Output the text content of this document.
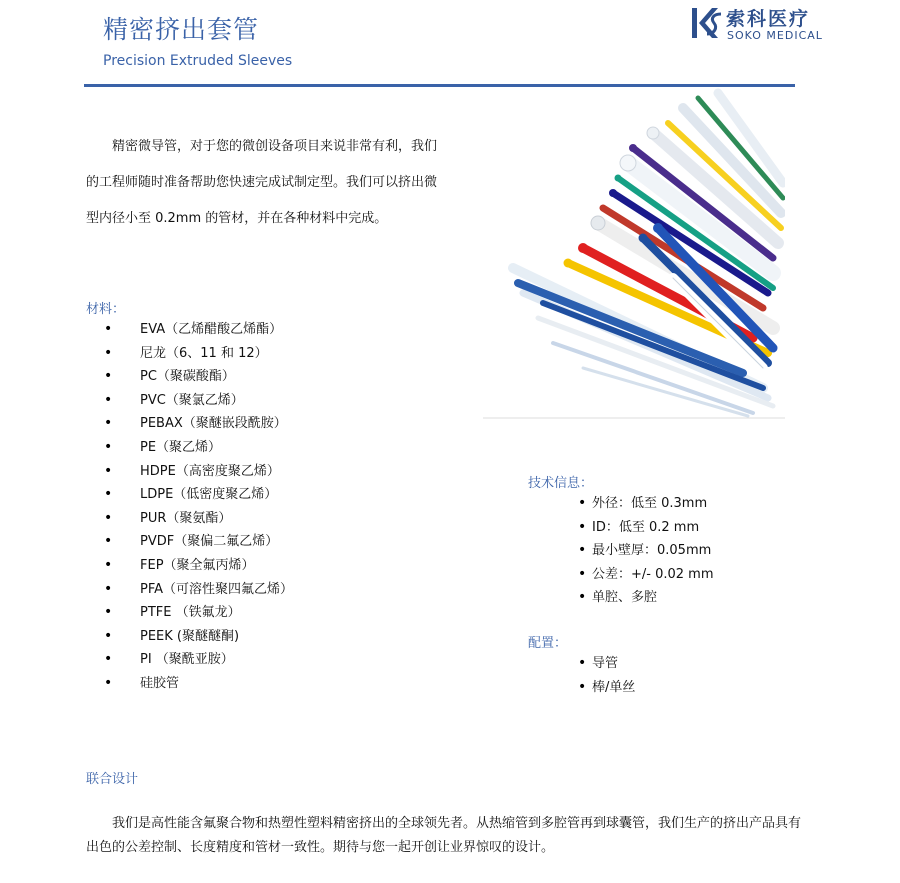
精密挤出套管
Precision Extruded Sleeves
索科医疗
SOKO MEDICAL

精密微导管，对于您的微创设备项目来说非常有利，我们的工程师随时准备帮助您快速完成试制定型。我们可以挤出微型内径小至 0.2mm 的管材，并在各种材料中完成。

材料：
• EVA（乙烯醋酸乙烯酯）
• 尼龙（6、11 和 12）
• PC（聚碳酸酯）
• PVC（聚氯乙烯）
• PEBAX（聚醚嵌段酰胺）
• PE（聚乙烯）
• HDPE（高密度聚乙烯）
• LDPE（低密度聚乙烯）
• PUR（聚氨酯）
• PVDF（聚偏二氟乙烯）
• FEP（聚全氟丙烯）
• PFA（可溶性聚四氟乙烯）
• PTFE （铁氟龙）
• PEEK (聚醚醚酮)
• PI （聚酰亚胺）
• 硅胶管
技术信息：
• 外径：低至 0.3mm
• ID：低至 0.2 mm
• 最小壁厚：0.05mm
• 公差：+/- 0.02 mm
• 单腔、多腔
配置：
• 导管
• 棒/单丝
联合设计

我们是高性能含氟聚合物和热塑性塑料精密挤出的全球领先者。从热缩管到多腔管再到球囊管，我们生产的挤出产品具有出色的公差控制、长度精度和管材一致性。期待与您一起开创让业界惊叹的设计。
